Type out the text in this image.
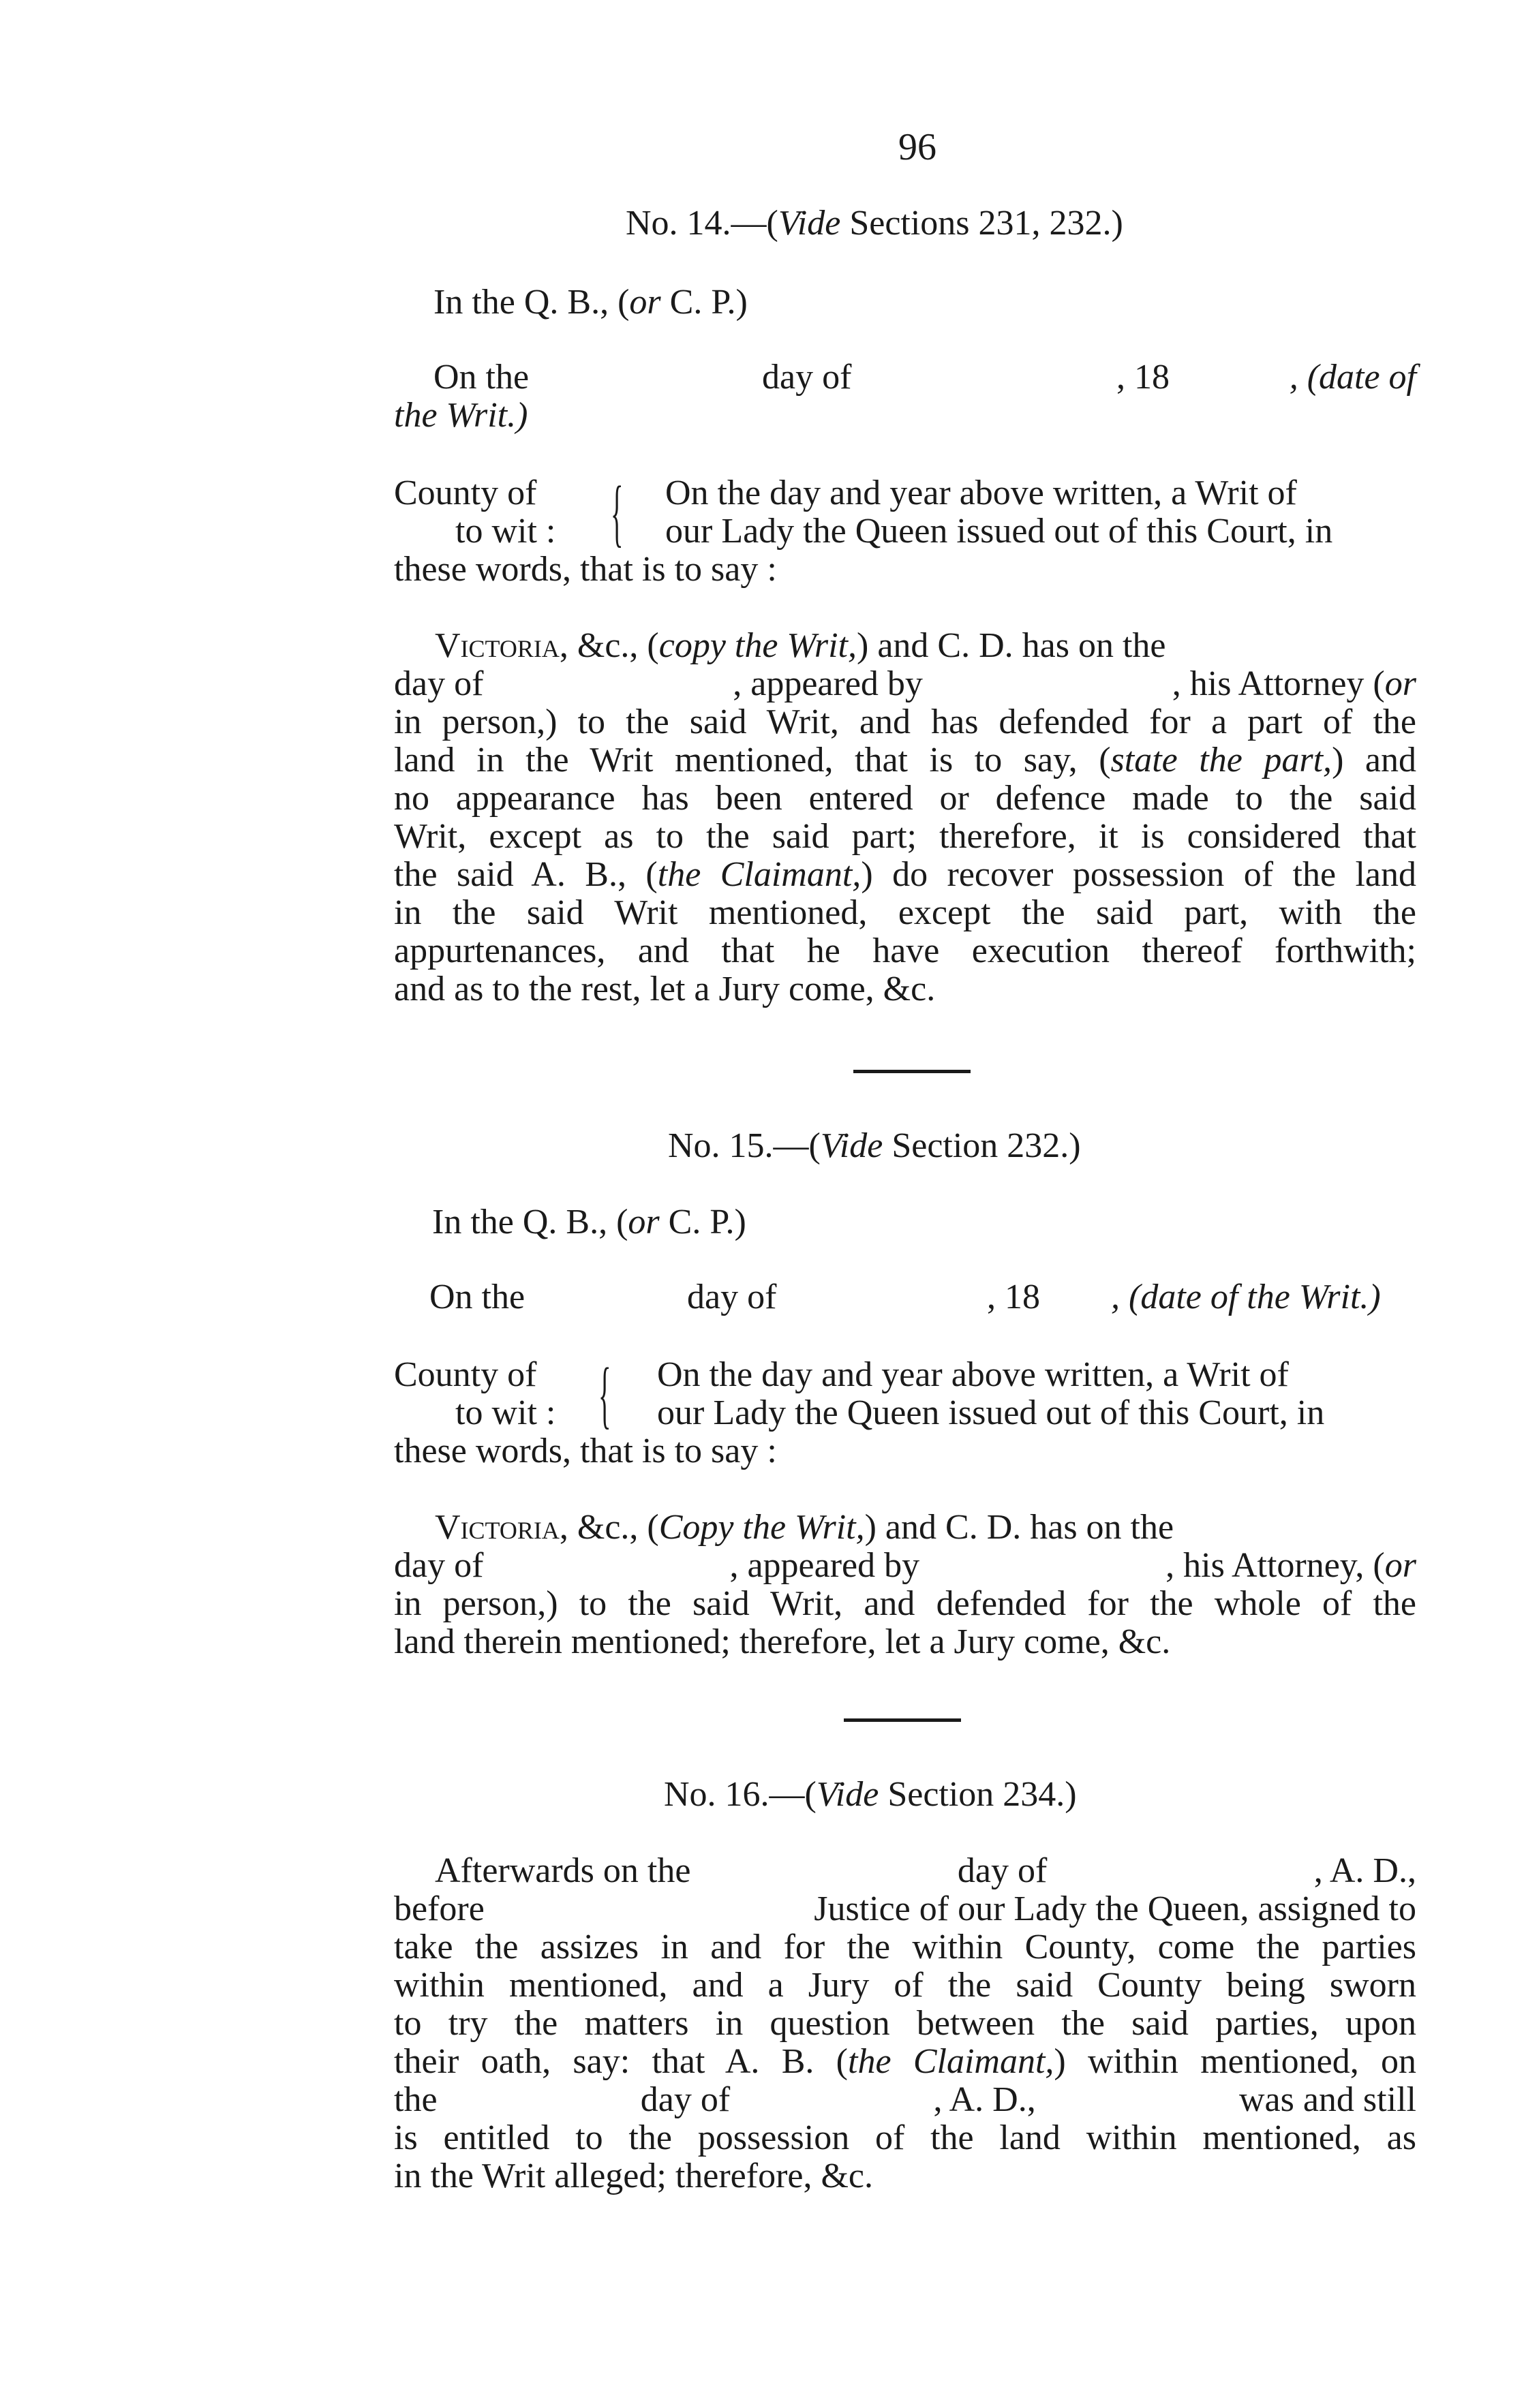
96
No. 14.—(Vide Sections 231, 232.)
In the Q. B., (or C. P.)
On the	day of	, 18	, (date of
the Writ.)
County of
to wit : { On the day and year above written, a Writ of
our Lady the Queen issued out of this Court, in
these words, that is to say :
Victoria, &c., (copy the Writ,) and C. D. has on the
day of	, appeared by	, his Attorney (or
in person,) to the said Writ, and has defended for a part of the
land in the Writ mentioned, that is to say, (state the part,) and
no appearance has been entered or defence made to the said
Writ, except as to the said part; therefore, it is considered that
the said A. B., (the Claimant,) do recover possession of the land
in the said Writ mentioned, except the said part, with the
appurtenances, and that he have execution thereof forthwith;
and as to the rest, let a Jury come, &c.
No. 15.—(Vide Section 232.)
In the Q. B., (or C. P.)
On the	day of	, 18 , (date of the Writ.)
County of
to wit : { On the day and year above written, a Writ of
our Lady the Queen issued out of this Court, in
these words, that is to say :
Victoria, &c., (Copy the Writ,) and C. D. has on the
day of	, appeared by	, his Attorney, (or
in person,) to the said Writ, and defended for the whole of the
land therein mentioned; therefore, let a Jury come, &c.
No. 16.—(Vide Section 234.)
Afterwards on the	day of	, A. D.,
before	Justice of our Lady the Queen, assigned to
take the assizes in and for the within County, come the parties
within mentioned, and a Jury of the said County being sworn
to try the matters in question between the said parties, upon
their oath, say: that A. B. (the Claimant,) within mentioned, on
the	day of	, A. D.,	was and still
is entitled to the possession of the land within mentioned, as
in the Writ alleged; therefore, &c.
